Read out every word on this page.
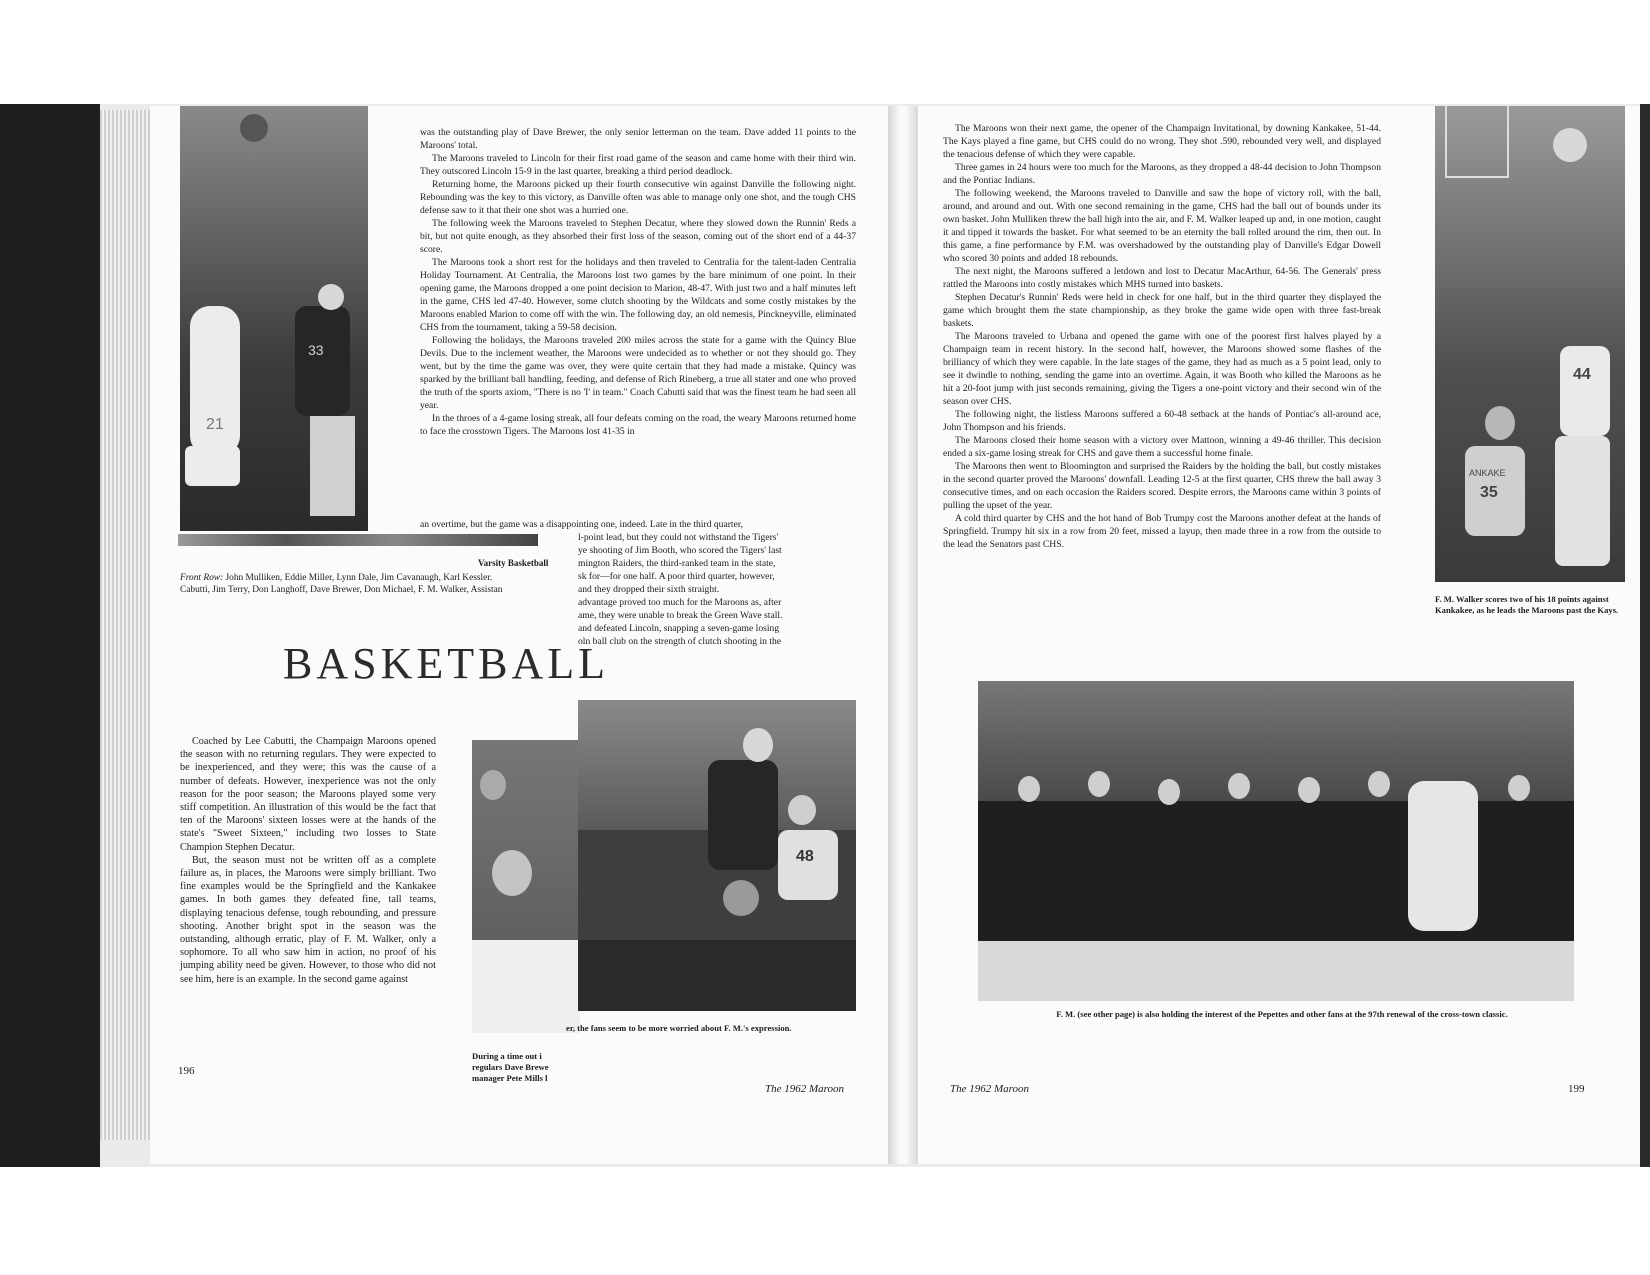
21
33

was the outstanding play of Dave Brewer, the only senior letterman on the team. Dave added 11 points to the Maroons' total.

The Maroons traveled to Lincoln for their first road game of the season and came home with their third win. They outscored Lincoln 15-9 in the last quarter, breaking a third period deadlock.

Returning home, the Maroons picked up their fourth consecutive win against Danville the following night. Rebounding was the key to this victory, as Danville often was able to manage only one shot, and the tough CHS defense saw to it that their one shot was a hurried one.

The following week the Maroons traveled to Stephen Decatur, where they slowed down the Runnin' Reds a bit, but not quite enough, as they absorbed their first loss of the season, coming out of the short end of a 44-37 score.

The Maroons took a short rest for the holidays and then traveled to Centralia for the talent-laden Centralia Holiday Tournament. At Centralia, the Maroons lost two games by the bare minimum of one point. In their opening game, the Maroons dropped a one point decision to Marion, 48-47. With just two and a half minutes left in the game, CHS led 47-40. However, some clutch shooting by the Wildcats and some costly mistakes by the Maroons enabled Marion to come off with the win. The following day, an old nemesis, Pinckneyville, eliminated CHS from the tournament, taking a 59-58 decision.

Following the holidays, the Maroons traveled 200 miles across the state for a game with the Quincy Blue Devils. Due to the inclement weather, the Maroons were undecided as to whether or not they should go. They went, but by the time the game was over, they were quite certain that they had made a mistake. Quincy was sparked by the brilliant ball handling, feeding, and defense of Rich Rineberg, a true all stater and one who proved the truth of the sports axiom, "There is no 'I' in team." Coach Cabutti said that was the finest team he had seen all year.

In the throes of a 4-game losing streak, all four defeats coming on the road, the weary Maroons returned home to face the crosstown Tigers. The Maroons lost 41-35 in

an overtime, but the game was a disappointing one, indeed. Late in the third quarter,
l-point lead, but they could not withstand the Tigers'
ye shooting of Jim Booth, who scored the Tigers' last
mington Raiders, the third-ranked team in the state,
sk for—for one half. A poor third quarter, however,
and they dropped their sixth straight.
advantage proved too much for the Maroons as, after
ame, they were unable to break the Green Wave stall.
and defeated Lincoln, snapping a seven-game losing
oln ball club on the strength of clutch shooting in the
Varsity Basketball
Front Row: John Mulliken, Eddie Miller, Lynn Dale, Jim Cavanaugh, Karl Kessler.
Cabutti, Jim Terry, Don Langhoff, Dave Brewer, Don Michael, F. M. Walker, Assistan
BASKETBALL

Coached by Lee Cabutti, the Champaign Maroons opened the season with no returning regulars. They were expected to be inexperienced, and they were; this was the cause of a number of defeats. However, inexperience was not the only reason for the poor season; the Maroons played some very stiff competition. An illustration of this would be the fact that ten of the Maroons' sixteen losses were at the hands of the state's "Sweet Sixteen," including two losses to State Champion Stephen Decatur.

But, the season must not be written off as a complete failure as, in places, the Maroons were simply brilliant. Two fine examples would be the Springfield and the Kankakee games. In both games they defeated fine, tall teams, displaying tenacious defense, tough rebounding, and pressure shooting. Another bright spot in the season was the outstanding, although erratic, play of F. M. Walker, only a sophomore. To all who saw him in action, no proof of his jumping ability need be given. However, to those who did not see him, here is an example. In the second game against

48
er, the fans seem to be more worried about F. M.'s expression.
During a time out i regulars Dave Brewe manager Pete Mills l
196
The 1962 Maroon

The Maroons won their next game, the opener of the Champaign Invitational, by downing Kankakee, 51-44. The Kays played a fine game, but CHS could do no wrong. They shot .590, rebounded very well, and displayed the tenacious defense of which they were capable.

Three games in 24 hours were too much for the Maroons, as they dropped a 48-44 decision to John Thompson and the Pontiac Indians.

The following weekend, the Maroons traveled to Danville and saw the hope of victory roll, with the ball, around, and around and out. With one second remaining in the game, CHS had the ball out of bounds under its own basket. John Mulliken threw the ball high into the air, and F. M. Walker leaped up and, in one motion, caught it and tipped it towards the basket. For what seemed to be an eternity the ball rolled around the rim, then out. In this game, a fine performance by F.M. was overshadowed by the outstanding play of Danville's Edgar Dowell who scored 30 points and added 18 rebounds.

The next night, the Maroons suffered a letdown and lost to Decatur MacArthur, 64-56. The Generals' press rattled the Maroons into costly mistakes which MHS turned into baskets.

Stephen Decatur's Runnin' Reds were held in check for one half, but in the third quarter they displayed the game which brought them the state championship, as they broke the game wide open with three fast-break baskets.

The Maroons traveled to Urbana and opened the game with one of the poorest first halves played by a Champaign team in recent history. In the second half, however, the Maroons showed some flashes of the brilliancy of which they were capable. In the late stages of the game, they had as much as a 5 point lead, only to see it dwindle to nothing, sending the game into an overtime. Again, it was Booth who killed the Maroons as he hit a 20-foot jump with just seconds remaining, giving the Tigers a one-point victory and their second win of the season over CHS.

The following night, the listless Maroons suffered a 60-48 setback at the hands of Pontiac's all-around ace, John Thompson and his friends.

The Maroons closed their home season with a victory over Mattoon, winning a 49-46 thriller. This decision ended a six-game losing streak for CHS and gave them a successful home finale.

The Maroons then went to Bloomington and surprised the Raiders by the holding the ball, but costly mistakes in the second quarter proved the Maroons' downfall. Leading 12-5 at the first quarter, CHS threw the ball away 3 consecutive times, and on each occasion the Raiders scored. Despite errors, the Maroons came within 3 points of pulling the upset of the year.

A cold third quarter by CHS and the hot hand of Bob Trumpy cost the Maroons another defeat at the hands of Springfield. Trumpy hit six in a row from 20 feet, missed a layup, then made three in a row from the outside to the lead the Senators past CHS.

44
ANKAKE
35
F. M. Walker scores two of his 18 points against Kankakee, as he leads the Maroons past the Kays.
F. M. (see other page) is also holding the interest of the Pepettes and other fans at the 97th renewal of the cross-town classic.
The 1962 Maroon	199
